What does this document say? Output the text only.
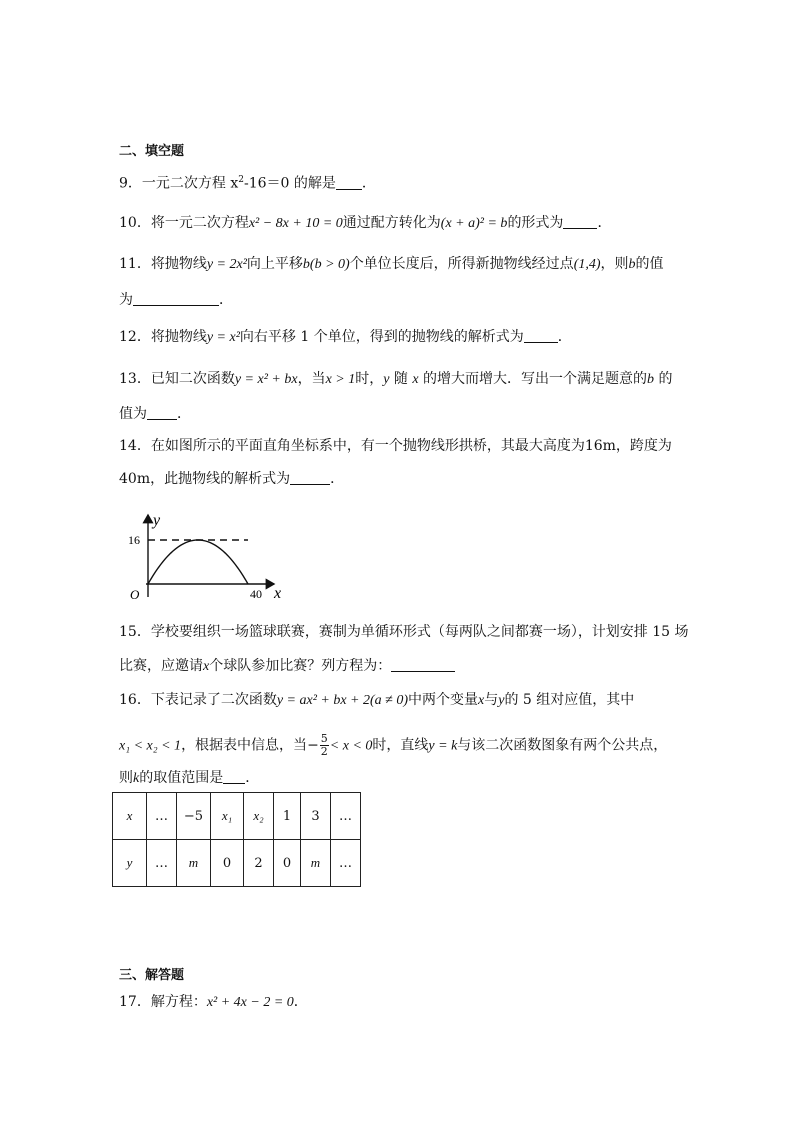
二、填空题
9．一元二次方程 $x^2-16=0$ 的解是 ．
10．将一元二次方程x² − 8x + 10 = 0通过配方转化为(x + a)² = b的形式为 ．
11．将抛物线y = 2x²向上平移b(b > 0)个单位长度后，所得新抛物线经过点(1,4)，则b的值
为	．
12．将抛物线y = x²向右平移 1 个单位，得到的抛物线的解析式为 ．
13．已知二次函数y = x² + bx，当x > 1时，y 随 x 的增大而增大．写出一个满足题意的b 的
值为 ．
14．在如图所示的平面直角坐标系中，有一个抛物线形拱桥，其最大高度为16m，跨度为
40m，此抛物线的解析式为	．
y
x
O
16
40
15．学校要组织一场篮球联赛，赛制为单循环形式（每两队之间都赛一场），计划安排 15 场
比赛，应邀请x个球队参加比赛？列方程为：
16．下表记录了二次函数y = ax² + bx + 2(a ≠ 0)中两个变量x与y的 5 组对应值，其中
x₁ < x₂ < 1，根据表中信息，当− $\frac{5}{2} < x < 0$时，直线y = k与该二次函数图象有两个公共点，
则k的取值范围是 ．
x	…	−5	x₁	x₂	1	3	…
y	…	m	0	2	0	m	…
三、解答题
17．解方程：x² + 4x − 2 = 0．
